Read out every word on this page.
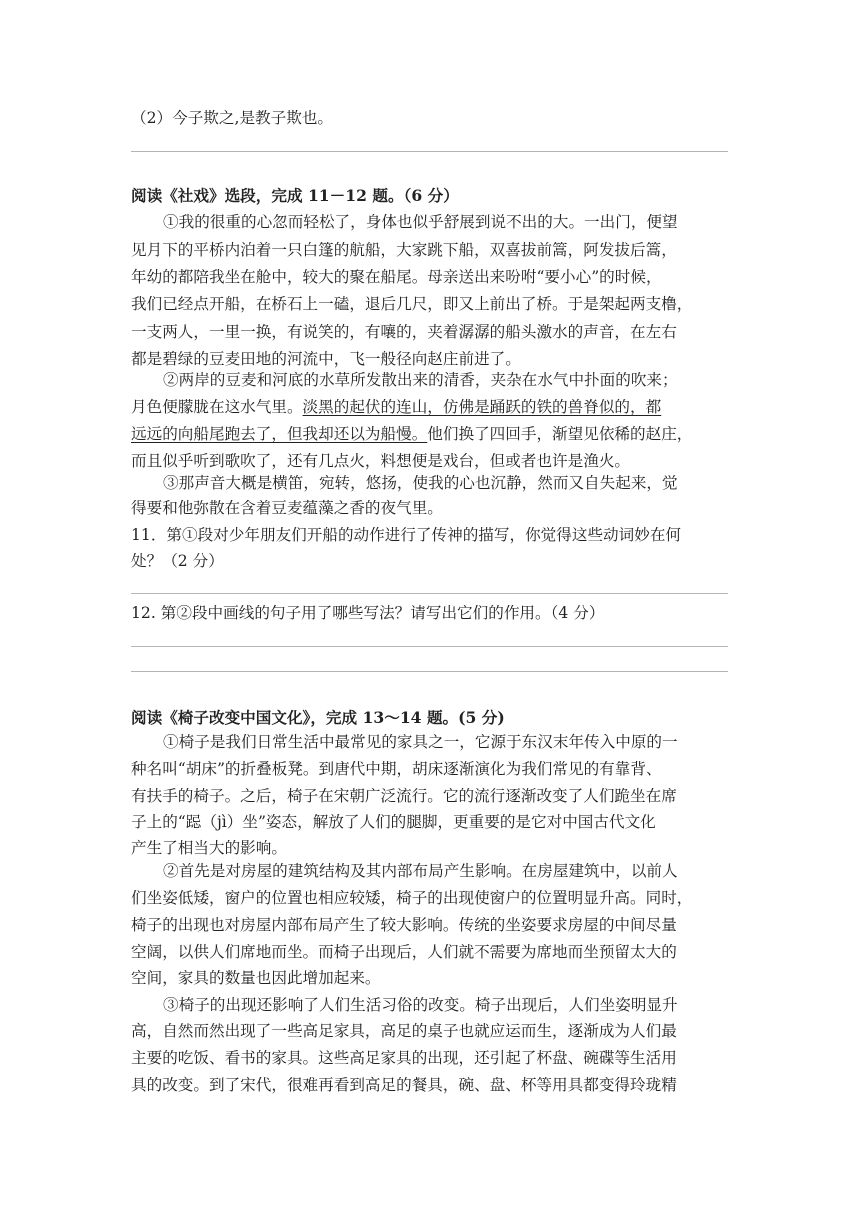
（2）今子欺之,是教子欺也。
阅读《社戏》选段，完成 11－12 题。（6 分）
①我的很重的心忽而轻松了，身体也似乎舒展到说不出的大。一出门，便望
见月下的平桥内泊着一只白篷的航船，大家跳下船，双喜拔前篙，阿发拔后篙，
年幼的都陪我坐在舱中，较大的聚在船尾。母亲送出来吩咐“要小心”的时候，
我们已经点开船，在桥石上一磕，退后几尺，即又上前出了桥。于是架起两支橹，
一支两人，一里一换，有说笑的，有嚷的，夹着潺潺的船头激水的声音，在左右
都是碧绿的豆麦田地的河流中，飞一般径向赵庄前进了。
②两岸的豆麦和河底的水草所发散出来的清香，夹杂在水气中扑面的吹来；
月色便朦胧在这水气里。淡黑的起伏的连山，仿佛是踊跃的铁的兽脊似的，都
远远的向船尾跑去了，但我却还以为船慢。他们换了四回手，渐望见依稀的赵庄，
而且似乎听到歌吹了，还有几点火，料想便是戏台，但或者也许是渔火。
③那声音大概是横笛，宛转，悠扬，使我的心也沉静，然而又自失起来，觉
得要和他弥散在含着豆麦蕴藻之香的夜气里。
11．第①段对少年朋友们开船的动作进行了传神的描写，你觉得这些动词妙在何
处？（2 分）
12. 第②段中画线的句子用了哪些写法？请写出它们的作用。（4 分）
阅读《椅子改变中国文化》，完成 13～14 题。(5 分)
①椅子是我们日常生活中最常见的家具之一，它源于东汉末年传入中原的一
种名叫“胡床”的折叠板凳。到唐代中期，胡床逐渐演化为我们常见的有靠背、
有扶手的椅子。之后，椅子在宋朝广泛流行。它的流行逐渐改变了人们跪坐在席
子上的“跽（jì）坐”姿态，解放了人们的腿脚，更重要的是它对中国古代文化
产生了相当大的影响。
②首先是对房屋的建筑结构及其内部布局产生影响。在房屋建筑中，以前人
们坐姿低矮，窗户的位置也相应较矮，椅子的出现使窗户的位置明显升高。同时，
椅子的出现也对房屋内部布局产生了较大影响。传统的坐姿要求房屋的中间尽量
空阔，以供人们席地而坐。而椅子出现后，人们就不需要为席地而坐预留太大的
空间，家具的数量也因此增加起来。
③椅子的出现还影响了人们生活习俗的改变。椅子出现后，人们坐姿明显升
高，自然而然出现了一些高足家具，高足的桌子也就应运而生，逐渐成为人们最
主要的吃饭、看书的家具。这些高足家具的出现，还引起了杯盘、碗碟等生活用
具的改变。到了宋代，很难再看到高足的餐具，碗、盘、杯等用具都变得玲珑精
